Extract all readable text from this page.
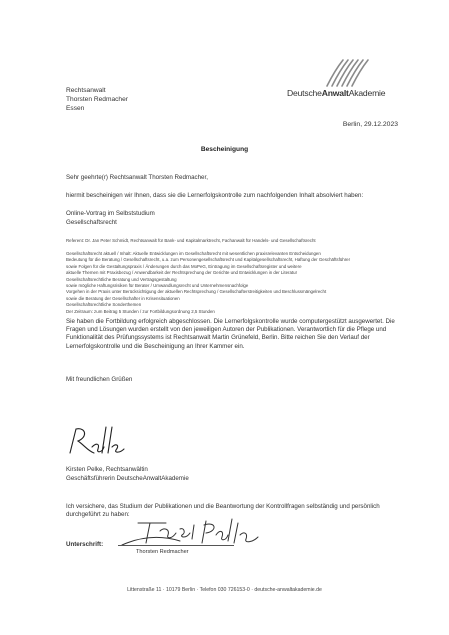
Rechtsanwalt
Thorsten Redmacher
Essen
DeutscheAnwaltAkademie
Berlin, 29.12.2023
Bescheinigung
Sehr geehrte(r) Rechtsanwalt Thorsten Redmacher,
hiermit bescheinigen wir Ihnen, dass sie die Lernerfolgskontrolle zum nachfolgenden Inhalt absolviert haben:
Online-Vortrag im Selbststudium
Gesellschaftsrecht
Referent: Dr. Jan Peter Schmidt, Rechtsanwalt für Bank- und Kapitalmarktrecht, Fachanwalt für Handels- und Gesellschaftsrecht
Gesellschaftsrecht aktuell / Inhalt: Aktuelle Entwicklungen im Gesellschaftsrecht mit wesentlichen praxisrelevanten Entscheidungen
Bedeutung für die Beratung / Gesellschaftsrecht, u.a. zum Personengesellschaftsrecht und Kapitalgesellschaftsrecht, Haftung der Geschäftsführer
sowie Folgen für die Gestaltungspraxis / Änderungen durch das MoPeG, Eintragung im Gesellschaftsregister und weitere
aktuelle Themen mit Praxisbezug / Anwendbarkeit der Rechtsprechung der Gerichte und Entwicklungen in der Literatur
Gesellschaftsrechtliche Beratung und Vertragsgestaltung
sowie mögliche Haftungsrisiken für Berater / Umwandlungsrecht und Unternehmensnachfolge
Vorgehen in der Praxis unter Berücksichtigung der aktuellen Rechtsprechung / Gesellschafterstreitigkeiten und Beschlussmängelrecht
sowie die Beratung der Gesellschafter in Krisensituationen
Gesellschaftsrechtliche Sonderthemen
Der Zeitraum: zum Beitrag 5 Stunden / zur Fortbildungsordnung 2,5 Stunden
Sie haben die Fortbildung erfolgreich abgeschlossen. Die Lernerfolgskontrolle wurde computergestützt ausgewertet. Die Fragen und Lösungen wurden erstellt von den jeweiligen Autoren der Publikationen. Verantwortlich für die Pflege und Funktionalität des Prüfungssystems ist Rechtsanwalt Martin Grünefeld, Berlin. Bitte reichen Sie den Verlauf der Lernerfolgskontrolle und die Bescheinigung an Ihrer Kammer ein.
Mit freundlichen Grüßen
Kirsten Pelke, Rechtsanwältin
Geschäftsführerin DeutscheAnwaltAkademie
Ich versichere, das Studium der Publikationen und die Beantwortung der Kontrollfragen selbständig und persönlich durchgeführt zu haben:
Unterschrift:
Thorsten Redmacher
Littenstraße 11 · 10179 Berlin · Telefon 030 726153-0 · deutsche-anwaltakademie.de
